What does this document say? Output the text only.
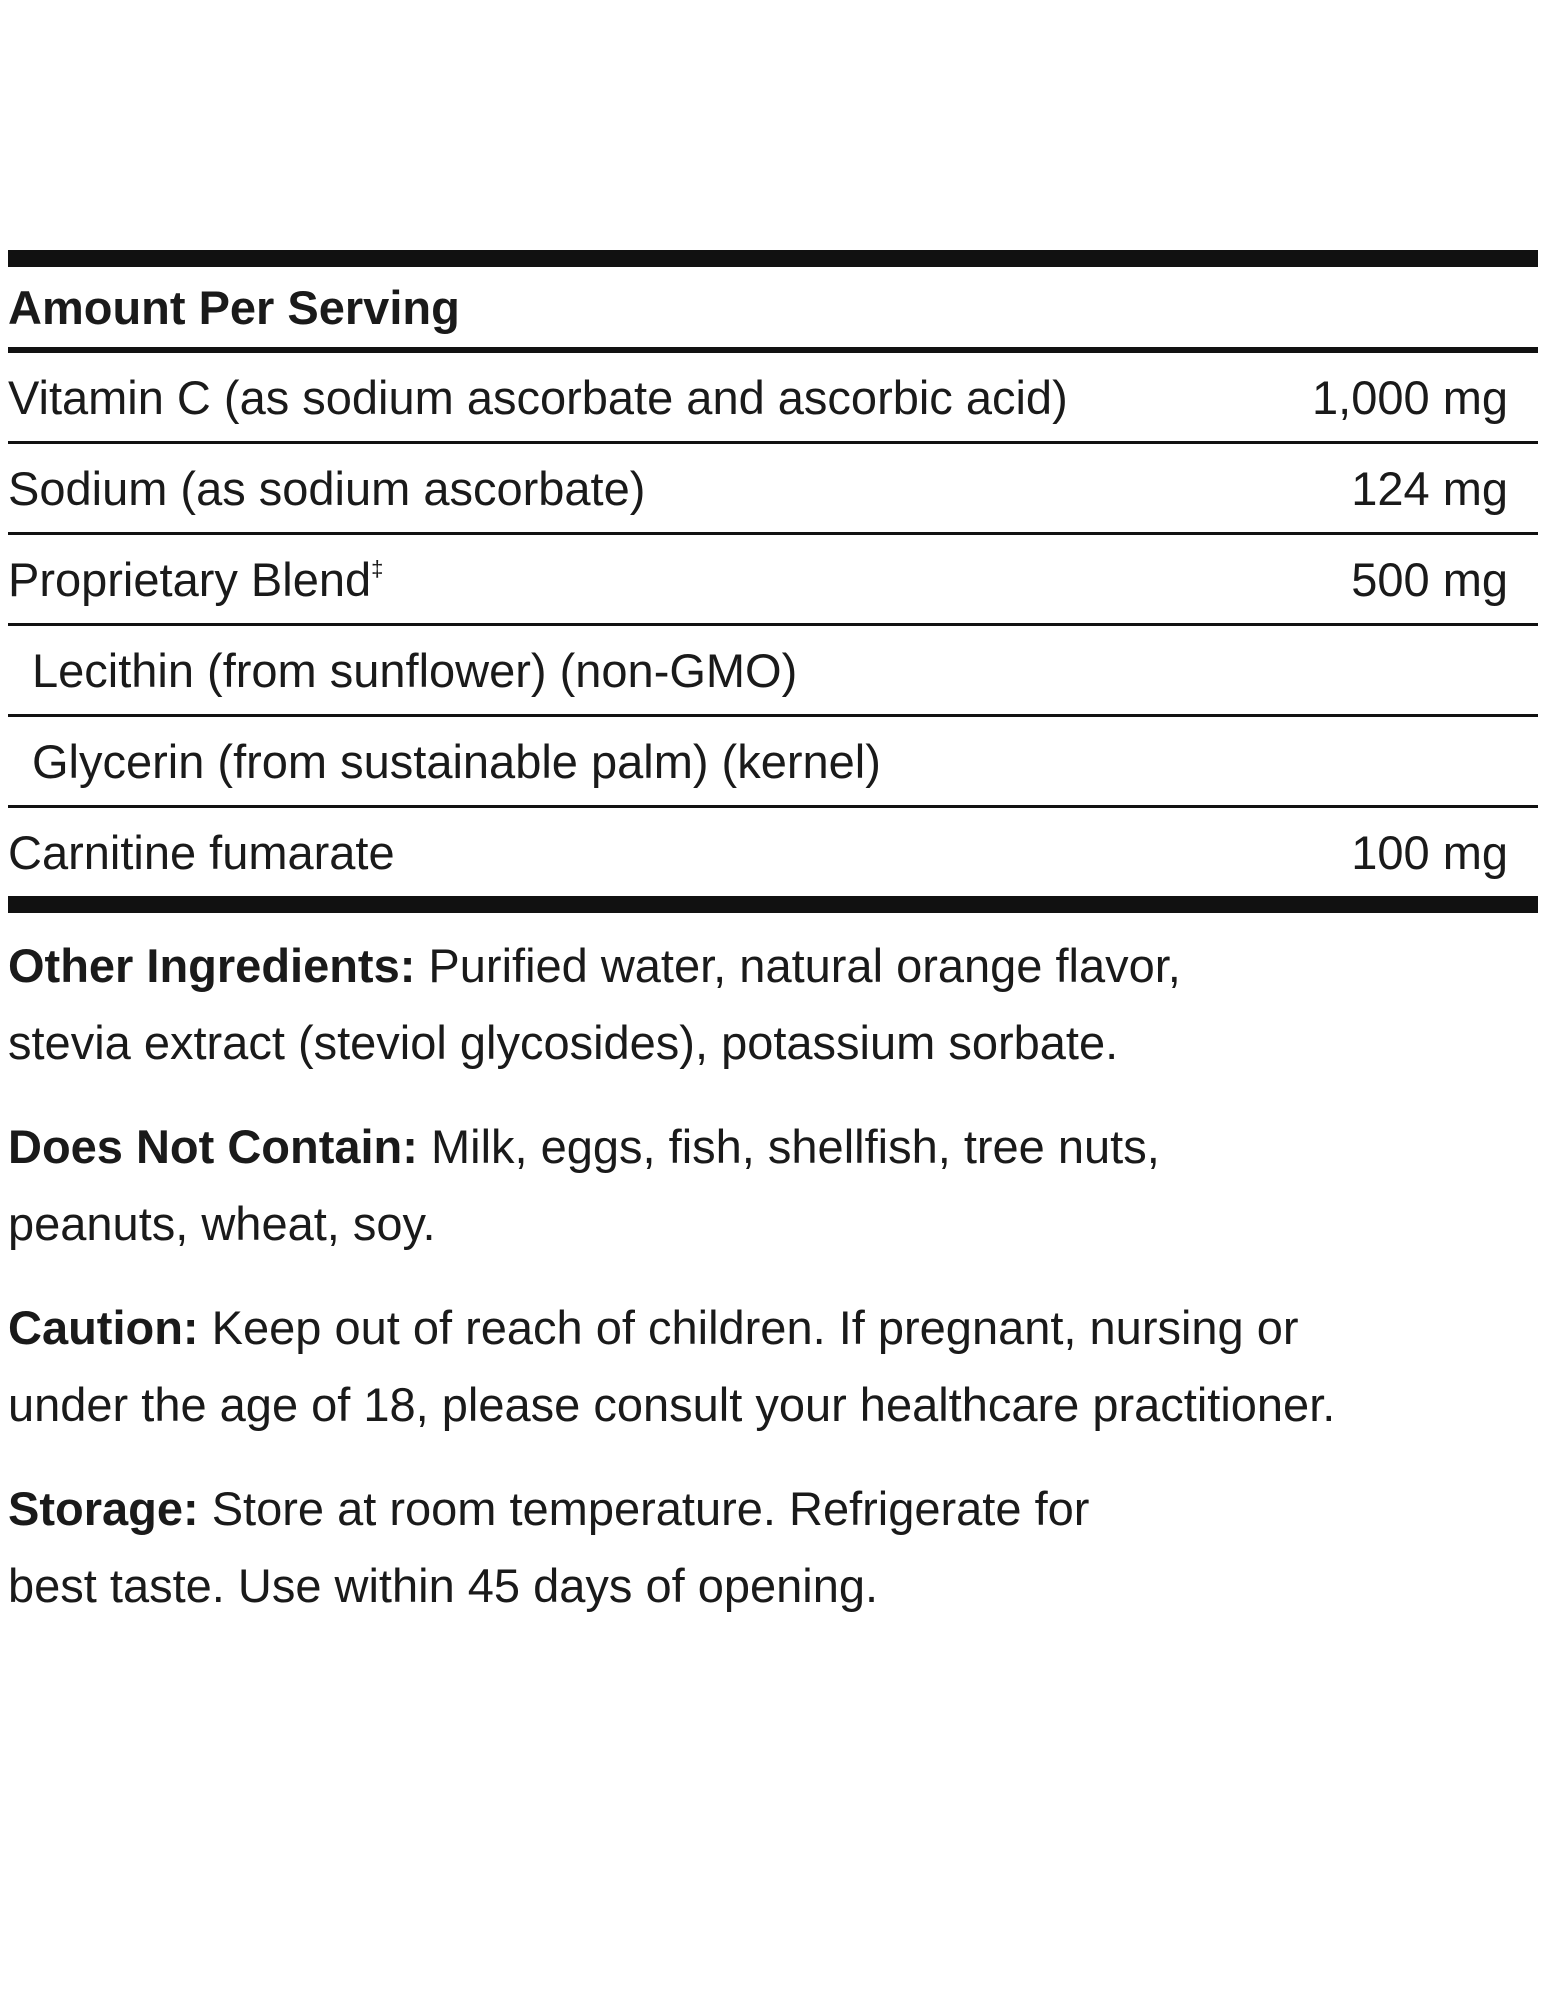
Amount Per Serving
Vitamin C (as sodium ascorbate and ascorbic acid)	1,000 mg
Sodium (as sodium ascorbate)	124 mg
Proprietary Blend‡	500 mg
Lecithin (from sunflower) (non-GMO)
Glycerin (from sustainable palm) (kernel)
Carnitine fumarate	100 mg

Other Ingredients: Purified water, natural orange flavor, stevia extract (steviol glycosides), potassium sorbate.

Does Not Contain: Milk, eggs, fish, shellfish, tree nuts, peanuts, wheat, soy.

Caution: Keep out of reach of children. If pregnant, nursing or under the age of 18, please consult your healthcare practitioner.

Storage: Store at room temperature. Refrigerate for best taste. Use within 45 days of opening.
